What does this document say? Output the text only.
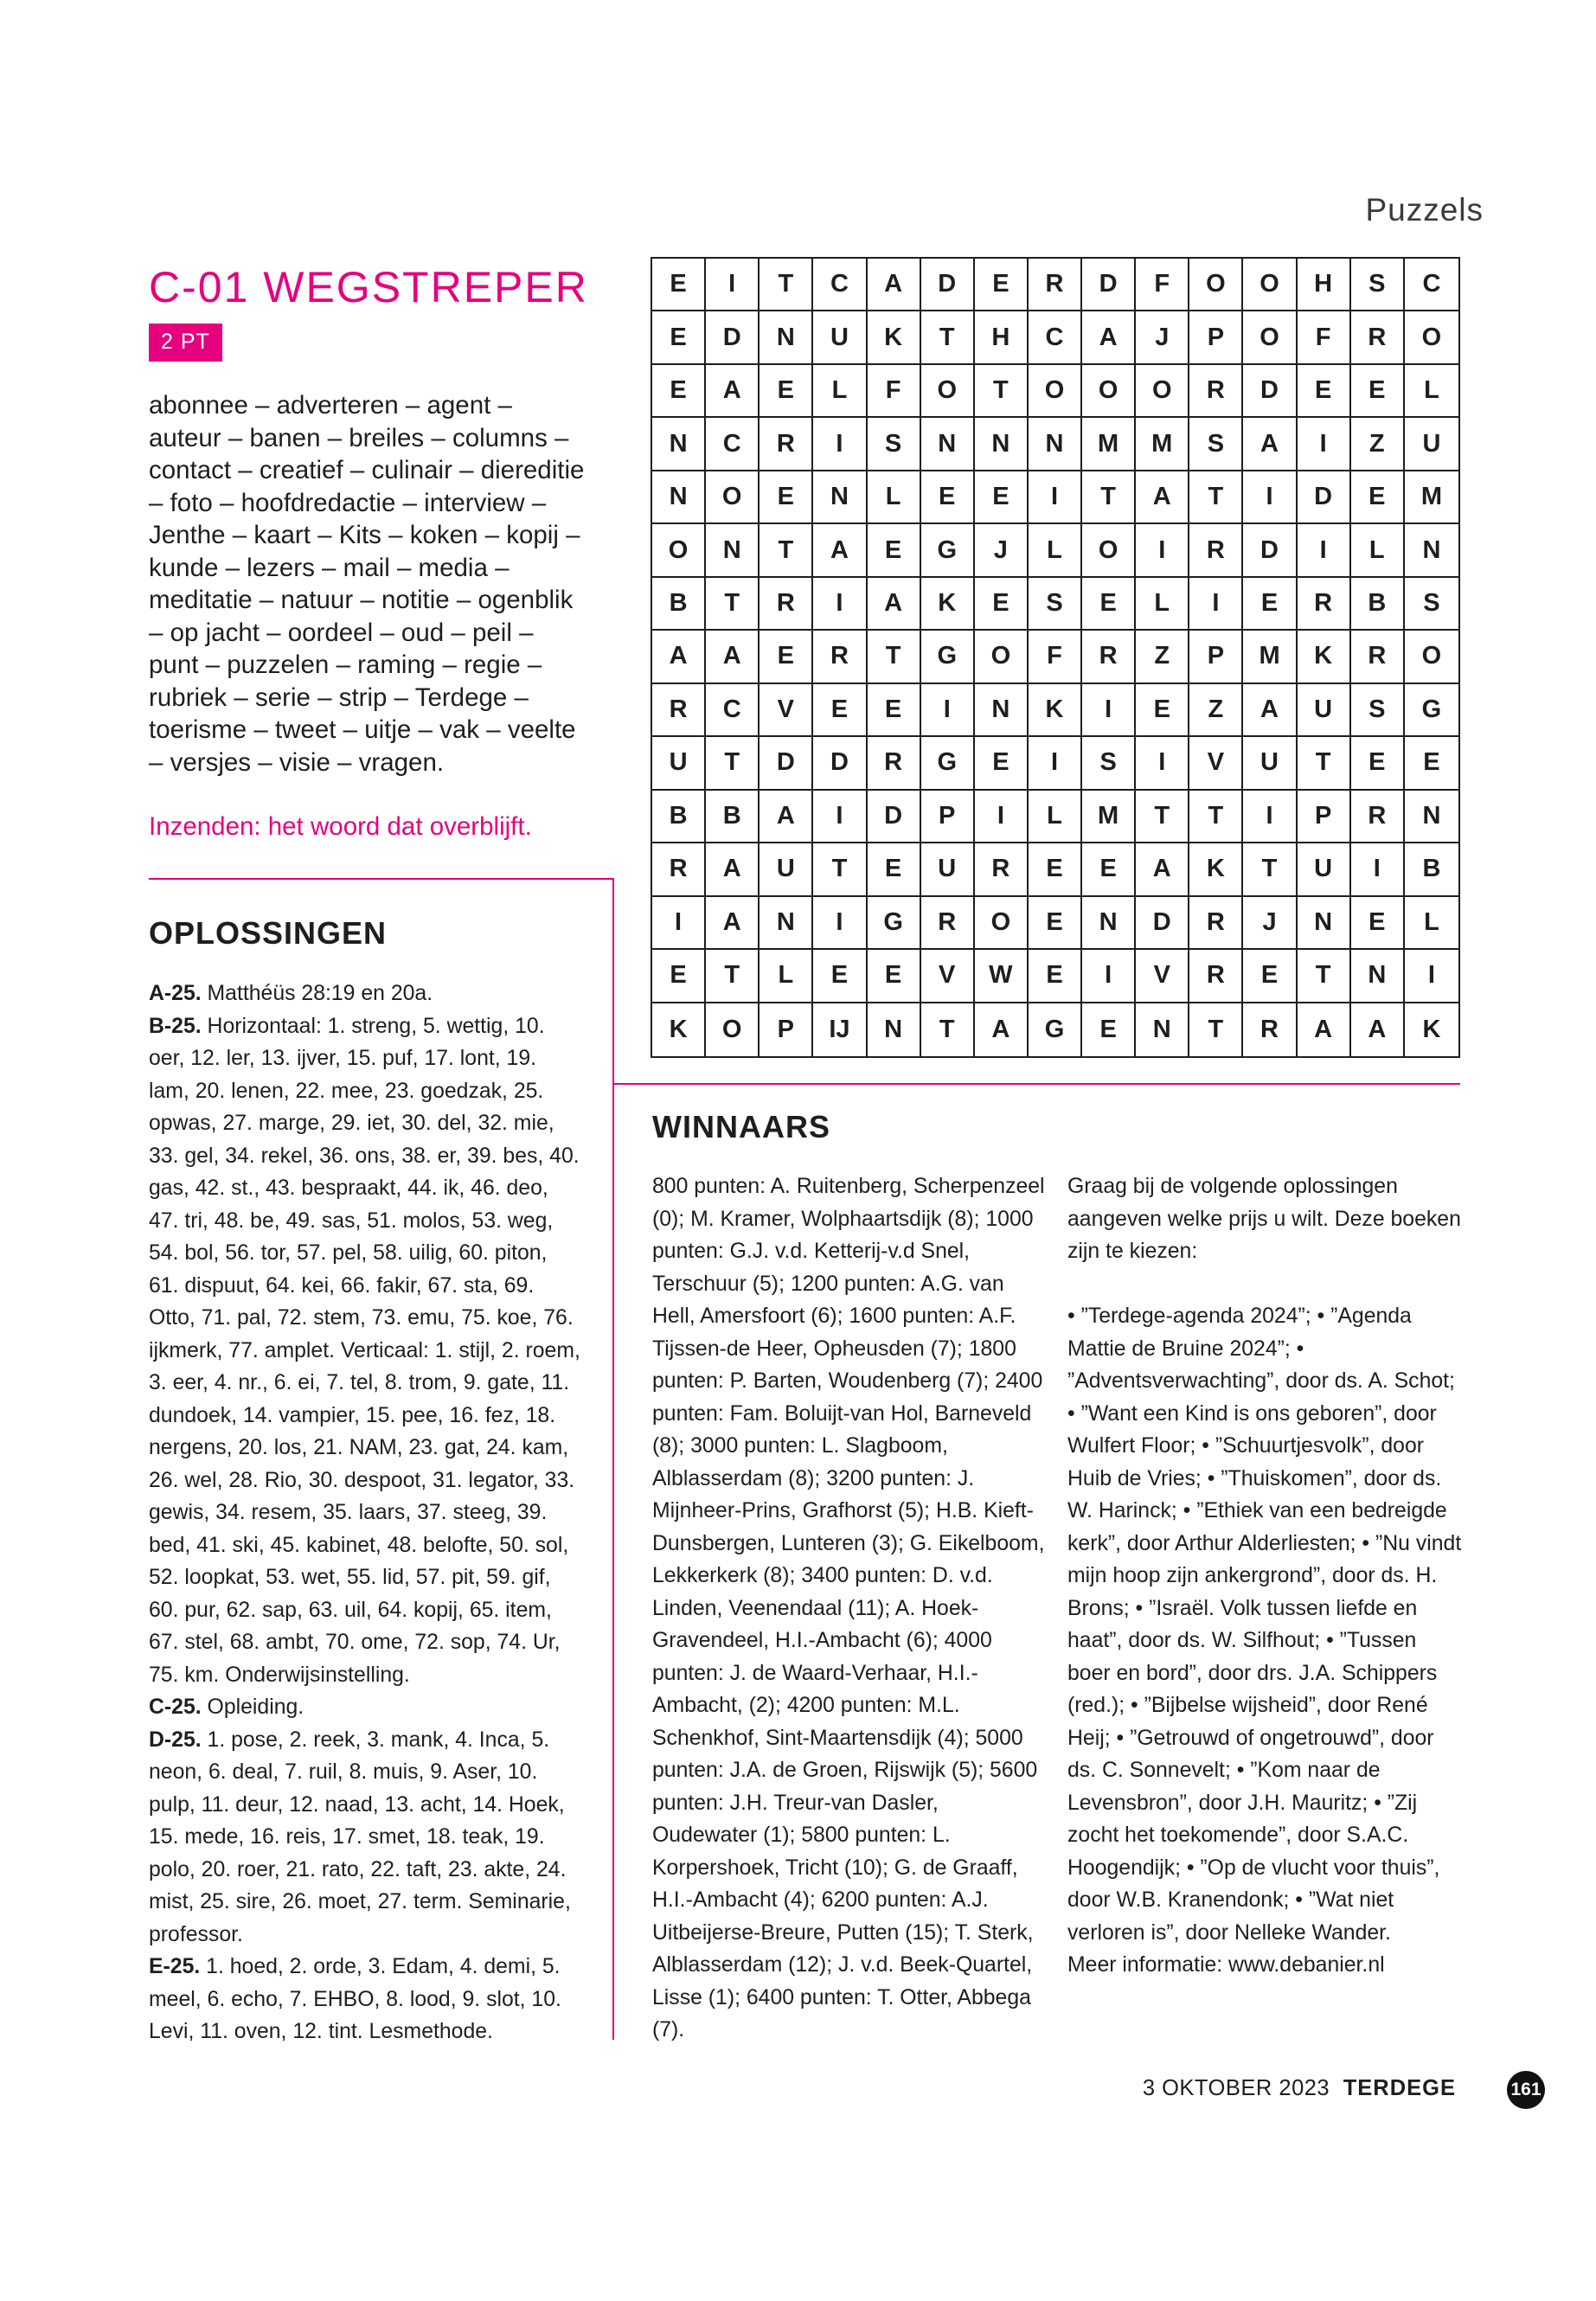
Puzzels
C-01 WEGSTREPER
2 PT

abonnee – adverteren – agent – auteur – banen – breiles – columns – contact – creatief – culinair – diereditie – foto – hoofdredactie – interview – Jenthe – kaart – Kits – koken – kopij – kunde – lezers – mail – media – meditatie – natuur – notitie – ogenblik – op jacht – oordeel – oud – peil – punt – puzzelen – raming – regie – rubriek – serie – strip – Terdege – toerisme – tweet – uitje – vak – veelte – versjes – visie – vragen.

Inzenden: het woord dat overblijft.

E	I	T	C	A	D	E	R	D	F	O	O	H	S	C
E	D	N	U	K	T	H	C	A	J	P	O	F	R	O
E	A	E	L	F	O	T	O	O	O	R	D	E	E	L
N	C	R	I	S	N	N	N	M	M	S	A	I	Z	U
N	O	E	N	L	E	E	I	T	A	T	I	D	E	M
O	N	T	A	E	G	J	L	O	I	R	D	I	L	N
B	T	R	I	A	K	E	S	E	L	I	E	R	B	S
A	A	E	R	T	G	O	F	R	Z	P	M	K	R	O
R	C	V	E	E	I	N	K	I	E	Z	A	U	S	G
U	T	D	D	R	G	E	I	S	I	V	U	T	E	E
B	B	A	I	D	P	I	L	M	T	T	I	P	R	N
R	A	U	T	E	U	R	E	E	A	K	T	U	I	B
I	A	N	I	G	R	O	E	N	D	R	J	N	E	L
E	T	L	E	E	V	W	E	I	V	R	E	T	N	I
K	O	P	IJ	N	T	A	G	E	N	T	R	A	A	K
OPLOSSINGEN

A-25. Matthéüs 28:19 en 20a.

B-25. Horizontaal: 1. streng, 5. wettig, 10. oer, 12. ler, 13. ijver, 15. puf, 17. lont, 19. lam, 20. lenen, 22. mee, 23. goedzak, 25. opwas, 27. marge, 29. iet, 30. del, 32. mie, 33. gel, 34. rekel, 36. ons, 38. er, 39. bes, 40. gas, 42. st., 43. bespraakt, 44. ik, 46. deo, 47. tri, 48. be, 49. sas, 51. molos, 53. weg, 54. bol, 56. tor, 57. pel, 58. uilig, 60. piton, 61. dispuut, 64. kei, 66. fakir, 67. sta, 69. Otto, 71. pal, 72. stem, 73. emu, 75. koe, 76. ijkmerk, 77. amplet. Verticaal: 1. stijl, 2. roem, 3. eer, 4. nr., 6. ei, 7. tel, 8. trom, 9. gate, 11. dundoek, 14. vampier, 15. pee, 16. fez, 18. nergens, 20. los, 21. NAM, 23. gat, 24. kam, 26. wel, 28. Rio, 30. despoot, 31. legator, 33. gewis, 34. resem, 35. laars, 37. steeg, 39. bed, 41. ski, 45. kabinet, 48. belofte, 50. sol, 52. loopkat, 53. wet, 55. lid, 57. pit, 59. gif, 60. pur, 62. sap, 63. uil, 64. kopij, 65. item, 67. stel, 68. ambt, 70. ome, 72. sop, 74. Ur, 75. km. Onderwijsinstelling.

C-25. Opleiding.

D-25. 1. pose, 2. reek, 3. mank, 4. Inca, 5. neon, 6. deal, 7. ruil, 8. muis, 9. Aser, 10. pulp, 11. deur, 12. naad, 13. acht, 14. Hoek, 15. mede, 16. reis, 17. smet, 18. teak, 19. polo, 20. roer, 21. rato, 22. taft, 23. akte, 24. mist, 25. sire, 26. moet, 27. term. Seminarie, professor.

E-25. 1. hoed, 2. orde, 3. Edam, 4. demi, 5. meel, 6. echo, 7. EHBO, 8. lood, 9. slot, 10. Levi, 11. oven, 12. tint. Lesmethode.

WINNAARS

800 punten: A. Ruitenberg, Scherpenzeel (0); M. Kramer, Wolphaartsdijk (8); 1000 punten: G.J. v.d. Ketterij-v.d Snel, Terschuur (5); 1200 punten: A.G. van Hell, Amersfoort (6); 1600 punten: A.F. Tijssen-de Heer, Opheusden (7); 1800 punten: P. Barten, Woudenberg (7); 2400 punten: Fam. Boluijt-van Hol, Barneveld (8); 3000 punten: L. Slagboom, Alblasserdam (8); 3200 punten: J. Mijnheer-Prins, Grafhorst (5); H.B. Kieft-Dunsbergen, Lunteren (3); G. Eikelboom, Lekkerkerk (8); 3400 punten: D. v.d. Linden, Veenendaal (11); A. Hoek-Gravendeel, H.I.-Ambacht (6); 4000 punten: J. de Waard-Verhaar, H.I.-Ambacht, (2); 4200 punten: M.L. Schenkhof, Sint-Maartensdijk (4); 5000 punten: J.A. de Groen, Rijswijk (5); 5600 punten: J.H. Treur-van Dasler, Oudewater (1); 5800 punten: L. Korpershoek, Tricht (10); G. de Graaff, H.I.-Ambacht (4); 6200 punten: A.J. Uitbeijerse-Breure, Putten (15); T. Sterk, Alblasserdam (12); J. v.d. Beek-Quartel, Lisse (1); 6400 punten: T. Otter, Abbega (7).

Graag bij de volgende oplossingen aangeven welke prijs u wilt. Deze boeken zijn te kiezen:

• ”Terdege-agenda 2024”; • ”Agenda Mattie de Bruine 2024”; • ”Adventsverwachting”, door ds. A. Schot; • ”Want een Kind is ons geboren”, door Wulfert Floor; • ”Schuurtjesvolk”, door Huib de Vries; • ”Thuiskomen”, door ds. W. Harinck; • ”Ethiek van een bedreigde kerk”, door Arthur Alderliesten; • ”Nu vindt mijn hoop zijn ankergrond”, door ds. H. Brons; • ”Israël. Volk tussen liefde en haat”, door ds. W. Silfhout; • ”Tussen boer en bord”, door drs. J.A. Schippers (red.); • ”Bijbelse wijsheid”, door René Heij; • ”Getrouwd of ongetrouwd”, door ds. C. Sonnevelt; • ”Kom naar de Levensbron”, door J.H. Mauritz; • ”Zij zocht het toekomende”, door S.A.C. Hoogendijk; • ”Op de vlucht voor thuis”, door W.B. Kranendonk; • ”Wat niet verloren is”, door Nelleke Wander.

Meer informatie: www.debanier.nl

3 OKTOBER 2023 TERDEGE	161
